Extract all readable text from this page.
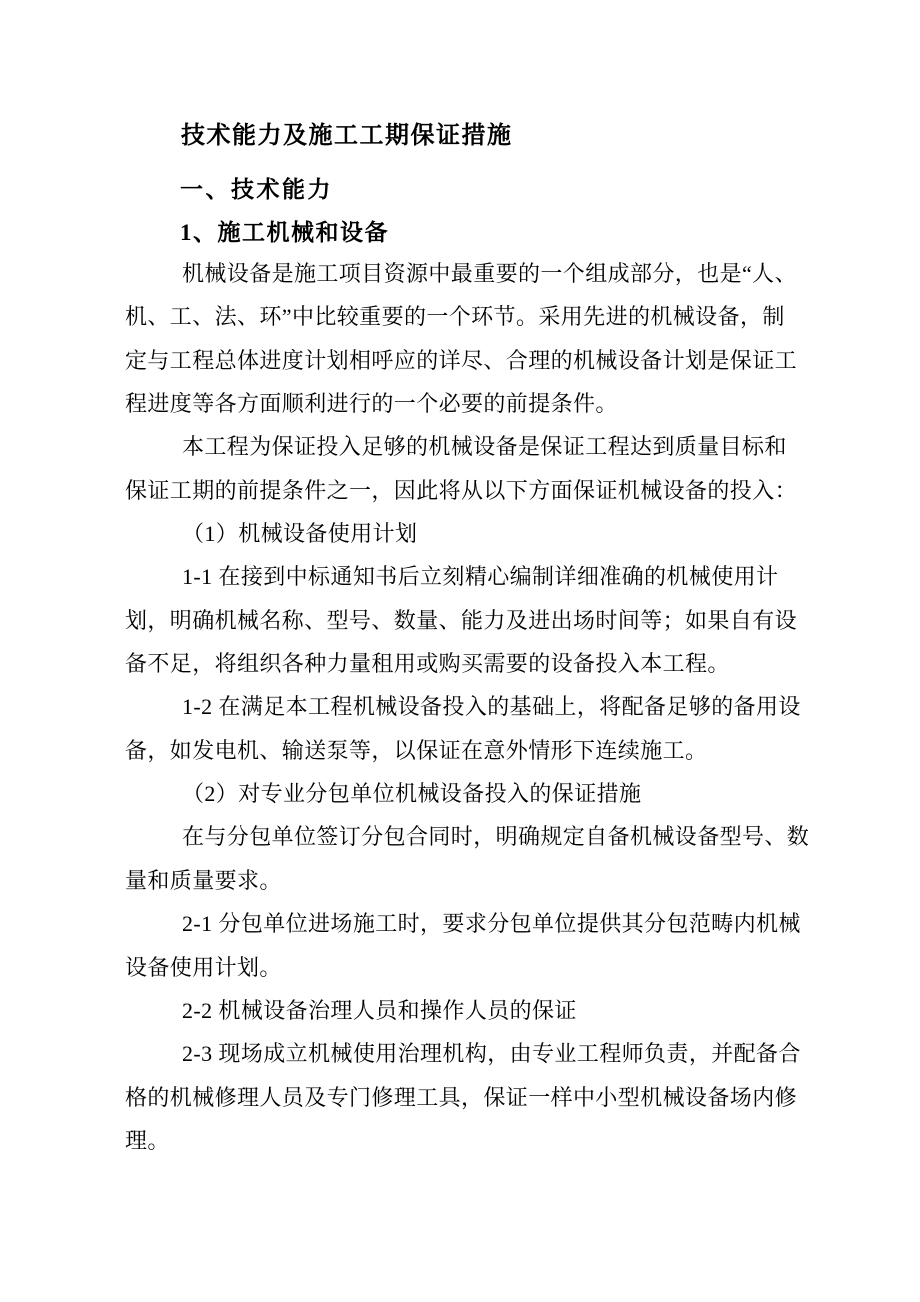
技术能力及施工工期保证措施
一、技术能力
1、施工机械和设备
机械设备是施工项目资源中最重要的一个组成部分，也是“人、
机、工、法、环”中比较重要的一个环节。采用先进的机械设备，制
定与工程总体进度计划相呼应的详尽、合理的机械设备计划是保证工
程进度等各方面顺利进行的一个必要的前提条件。
本工程为保证投入足够的机械设备是保证工程达到质量目标和
保证工期的前提条件之一，因此将从以下方面保证机械设备的投入：
（1）机械设备使用计划
1-1 在接到中标通知书后立刻精心编制详细准确的机械使用计
划，明确机械名称、型号、数量、能力及进出场时间等；如果自有设
备不足，将组织各种力量租用或购买需要的设备投入本工程。
1-2 在满足本工程机械设备投入的基础上，将配备足够的备用设
备，如发电机、输送泵等，以保证在意外情形下连续施工。
（2）对专业分包单位机械设备投入的保证措施
在与分包单位签订分包合同时，明确规定自备机械设备型号、数
量和质量要求。
2-1 分包单位进场施工时，要求分包单位提供其分包范畴内机械
设备使用计划。
2-2 机械设备治理人员和操作人员的保证
2-3 现场成立机械使用治理机构，由专业工程师负责，并配备合
格的机械修理人员及专门修理工具，保证一样中小型机械设备场内修
理。
